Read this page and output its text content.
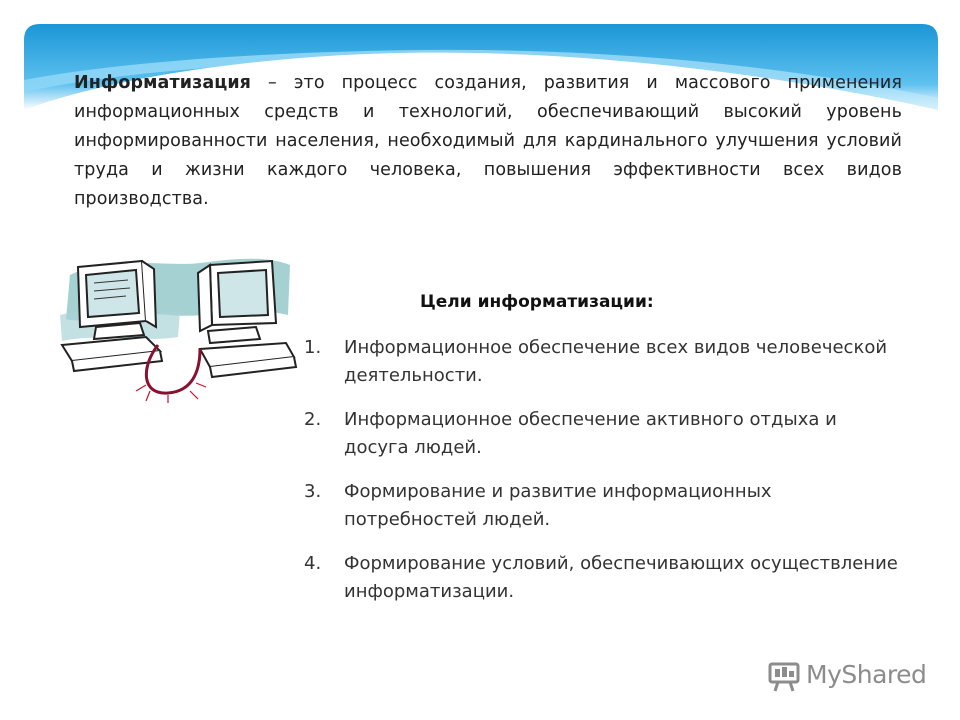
Информатизация – это процесс создания, развития и массового применения информационных средств и технологий, обеспечивающий высокий уровень информированности населения, необходимый для кардинального улучшения условий труда и жизни каждого человека, повышения эффективности всех видов производства.
Цели информатизации:
1.	Информационное обеспечение всех видов человеческой деятельности.
2.	Информационное обеспечение активного отдыха и досуга людей.
3.	Формирование и развитие информационных потребностей людей.
4.	Формирование условий, обеспечивающих осуществление информатизации.
MyShared
